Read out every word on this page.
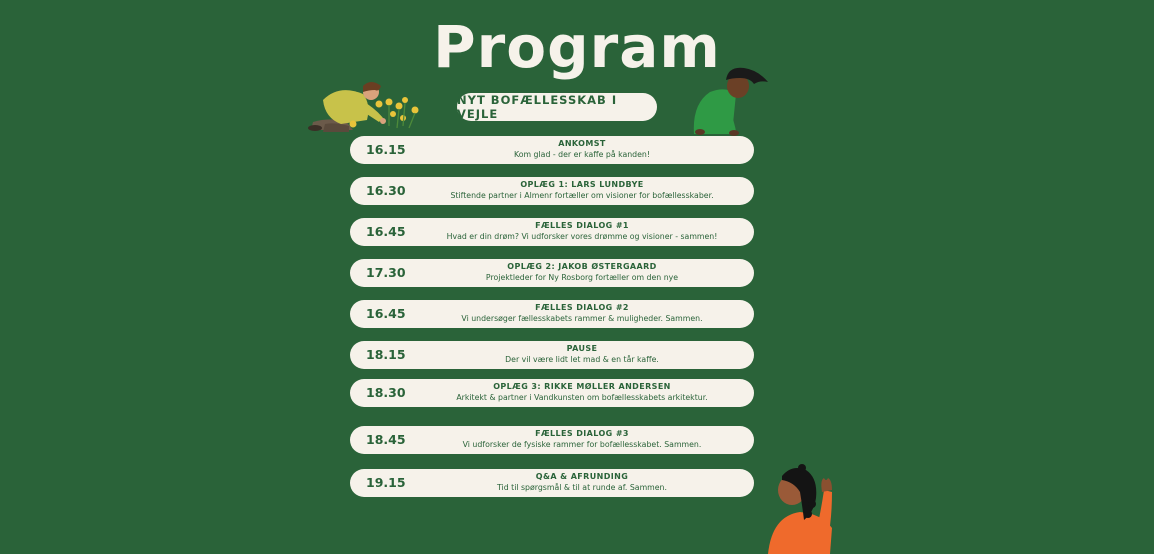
Program
NYT BOFÆLLESSKAB I VEJLE
16.15	ANKOMST
Kom glad - der er kaffe på kanden!
16.30	OPLÆG 1: LARS LUNDBYE
Stiftende partner i Almenr fortæller om visioner for bofællesskaber.
16.45	FÆLLES DIALOG #1
Hvad er din drøm? Vi udforsker vores drømme og visioner - sammen!
17.30	OPLÆG 2: JAKOB ØSTERGAARD
Projektleder for Ny Rosborg fortæller om den nye
16.45	FÆLLES DIALOG #2
Vi undersøger fællesskabets rammer & muligheder. Sammen.
18.15	PAUSE
Der vil være lidt let mad & en tår kaffe.
18.30	OPLÆG 3: RIKKE MØLLER ANDERSEN
Arkitekt & partner i Vandkunsten om bofællesskabets arkitektur.
18.45	FÆLLES DIALOG #3
Vi udforsker de fysiske rammer for bofællesskabet. Sammen.
19.15	Q&A & AFRUNDING
Tid til spørgsmål & til at runde af. Sammen.
